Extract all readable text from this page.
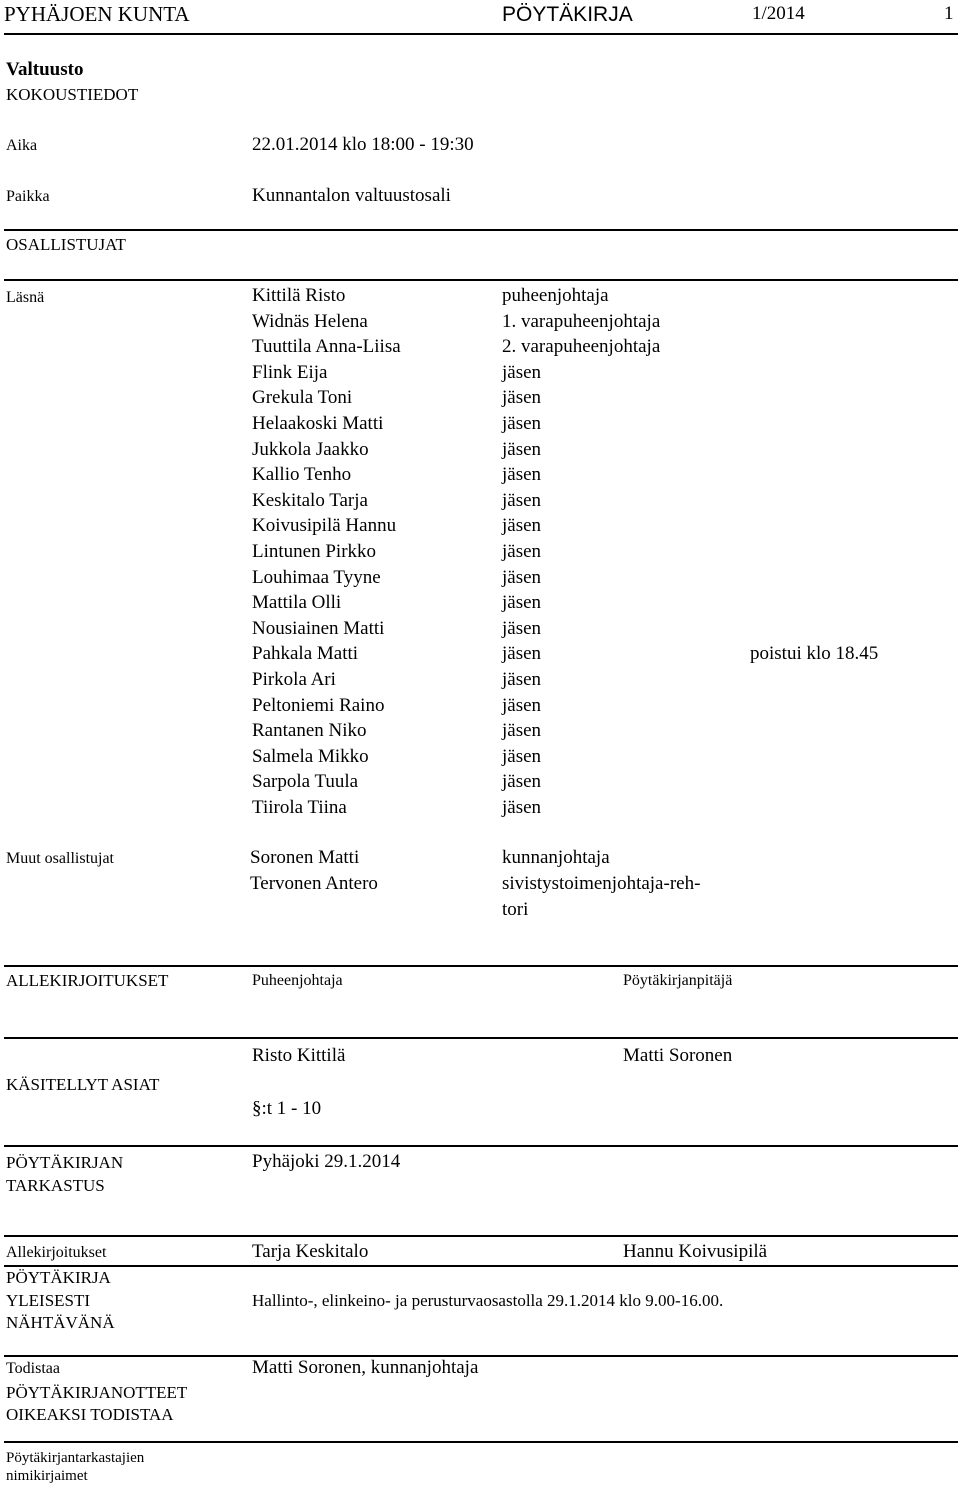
PYHÄJOEN KUNTA	PÖYTÄKIRJA	1/2014	1
Valtuusto
KOKOUSTIEDOT
Aika	22.01.2014 klo 18:00 - 19:30
Paikka	Kunnantalon valtuustosali
OSALLISTUJAT
Läsnä	Kittilä Risto	puheenjohtaja
Widnäs Helena	1. varapuheenjohtaja
Tuuttila Anna-Liisa	2. varapuheenjohtaja
Flink Eija	jäsen
Grekula Toni	jäsen
Helaakoski Matti	jäsen
Jukkola Jaakko	jäsen
Kallio Tenho	jäsen
Keskitalo Tarja	jäsen
Koivusipilä Hannu	jäsen
Lintunen Pirkko	jäsen
Louhimaa Tyyne	jäsen
Mattila Olli	jäsen
Nousiainen Matti	jäsen
Pahkala Matti	jäsen	poistui klo 18.45
Pirkola Ari	jäsen
Peltoniemi Raino	jäsen
Rantanen Niko	jäsen
Salmela Mikko	jäsen
Sarpola Tuula	jäsen
Tiirola Tiina	jäsen
Muut osallistujat	Soronen Matti	kunnanjohtaja
Tervonen Antero	sivistystoimenjohtaja-reh-
tori
ALLEKIRJOITUKSET	Puheenjohtaja	Pöytäkirjanpitäjä
Risto Kittilä	Matti Soronen
KÄSITELLYT ASIAT
§:t 1 - 10
PÖYTÄKIRJAN
TARKASTUS
Pyhäjoki 29.1.2014
Allekirjoitukset	Tarja Keskitalo	Hannu Koivusipilä
PÖYTÄKIRJA
YLEISESTI
NÄHTÄVÄNÄ
Hallinto-, elinkeino- ja perusturvaosastolla 29.1.2014 klo 9.00-16.00.
Todistaa	Matti Soronen, kunnanjohtaja
PÖYTÄKIRJANOTTEET
OIKEAKSI TODISTAA
Pöytäkirjantarkastajien
nimikirjaimet
